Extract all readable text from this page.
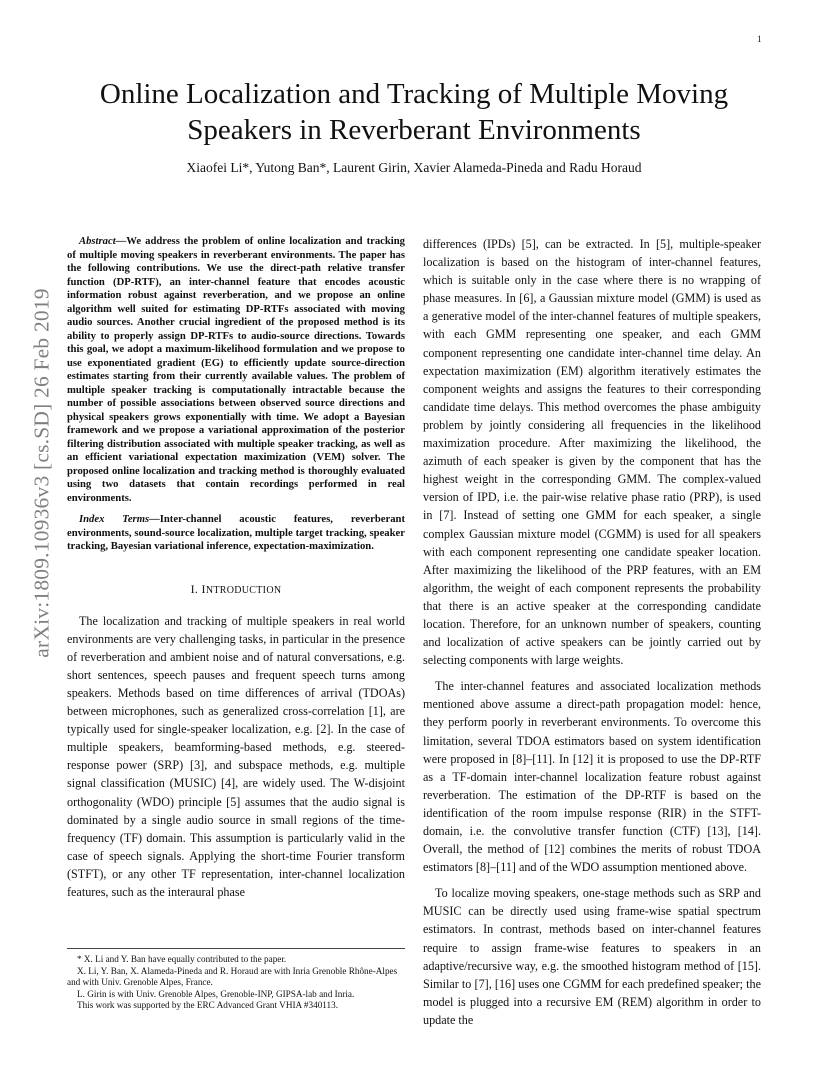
1
arXiv:1809.10936v3 [cs.SD] 26 Feb 2019
Online Localization and Tracking of Multiple Moving Speakers in Reverberant Environments
Xiaofei Li*, Yutong Ban*, Laurent Girin, Xavier Alameda-Pineda and Radu Horaud

Abstract—We address the problem of online localization and tracking of multiple moving speakers in reverberant environments. The paper has the following contributions. We use the direct-path relative transfer function (DP-RTF), an inter-channel feature that encodes acoustic information robust against reverberation, and we propose an online algorithm well suited for estimating DP-RTFs associated with moving audio sources. Another crucial ingredient of the proposed method is its ability to properly assign DP-RTFs to audio-source directions. Towards this goal, we adopt a maximum-likelihood formulation and we propose to use exponentiated gradient (EG) to efficiently update source-direction estimates starting from their currently available values. The problem of multiple speaker tracking is computationally intractable because the number of possible associations between observed source directions and physical speakers grows exponentially with time. We adopt a Bayesian framework and we propose a variational approximation of the posterior filtering distribution associated with multiple speaker tracking, as well as an efficient variational expectation maximization (VEM) solver. The proposed online localization and tracking method is thoroughly evaluated using two datasets that contain recordings performed in real environments.

Index Terms—Inter-channel acoustic features, reverberant environments, sound-source localization, multiple target tracking, speaker tracking, Bayesian variational inference, expectation-maximization.

I. INTRODUCTION

The localization and tracking of multiple speakers in real world environments are very challenging tasks, in particular in the presence of reverberation and ambient noise and of natural conversations, e.g. short sentences, speech pauses and frequent speech turns among speakers. Methods based on time differences of arrival (TDOAs) between microphones, such as generalized cross-correlation [1], are typically used for single-speaker localization, e.g. [2]. In the case of multiple speakers, beamforming-based methods, e.g. steered-response power (SRP) [3], and subspace methods, e.g. multiple signal classification (MUSIC) [4], are widely used. The W-disjoint orthogonality (WDO) principle [5] assumes that the audio signal is dominated by a single audio source in small regions of the time-frequency (TF) domain. This assumption is particularly valid in the case of speech signals. Applying the short-time Fourier transform (STFT), or any other TF representation, inter-channel localization features, such as the interaural phase

* X. Li and Y. Ban have equally contributed to the paper.

X. Li, Y. Ban, X. Alameda-Pineda and R. Horaud are with Inria Grenoble Rhône-Alpes and with Univ. Grenoble Alpes, France.

L. Girin is with Univ. Grenoble Alpes, Grenoble-INP, GIPSA-lab and Inria.

This work was supported by the ERC Advanced Grant VHIA #340113.

differences (IPDs) [5], can be extracted. In [5], multiple-speaker localization is based on the histogram of inter-channel features, which is suitable only in the case where there is no wrapping of phase measures. In [6], a Gaussian mixture model (GMM) is used as a generative model of the inter-channel features of multiple speakers, with each GMM representing one speaker, and each GMM component representing one candidate inter-channel time delay. An expectation maximization (EM) algorithm iteratively estimates the component weights and assigns the features to their corresponding candidate time delays. This method overcomes the phase ambiguity problem by jointly considering all frequencies in the likelihood maximization procedure. After maximizing the likelihood, the azimuth of each speaker is given by the component that has the highest weight in the corresponding GMM. The complex-valued version of IPD, i.e. the pair-wise relative phase ratio (PRP), is used in [7]. Instead of setting one GMM for each speaker, a single complex Gaussian mixture model (CGMM) is used for all speakers with each component representing one candidate speaker location. After maximizing the likelihood of the PRP features, with an EM algorithm, the weight of each component represents the probability that there is an active speaker at the corresponding candidate location. Therefore, for an unknown number of speakers, counting and localization of active speakers can be jointly carried out by selecting components with large weights.

The inter-channel features and associated localization methods mentioned above assume a direct-path propagation model: hence, they perform poorly in reverberant environments. To overcome this limitation, several TDOA estimators based on system identification were proposed in [8]–[11]. In [12] it is proposed to use the DP-RTF as a TF-domain inter-channel localization feature robust against reverberation. The estimation of the DP-RTF is based on the identification of the room impulse response (RIR) in the STFT-domain, i.e. the convolutive transfer function (CTF) [13], [14]. Overall, the method of [12] combines the merits of robust TDOA estimators [8]–[11] and of the WDO assumption mentioned above.

To localize moving speakers, one-stage methods such as SRP and MUSIC can be directly used using frame-wise spatial spectrum estimators. In contrast, methods based on inter-channel features require to assign frame-wise features to speakers in an adaptive/recursive way, e.g. the smoothed histogram method of [15]. Similar to [7], [16] uses one CGMM for each predefined speaker; the model is plugged into a recursive EM (REM) algorithm in order to update the
